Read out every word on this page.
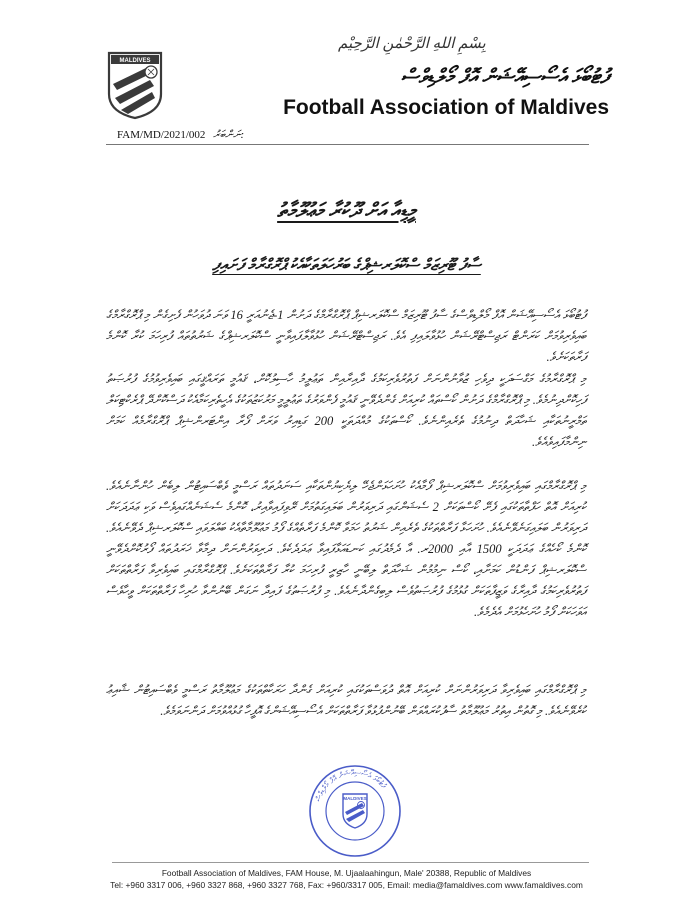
بِسْمِ اللهِ الرَّحْمٰنِ الرَّحِيْم
MALDIVES
ފުޓުބޯޅަ އެސޯސިއޭޝަން އޮފް މޯލްޑިވްސް
Football Association of Maldives
FAM/MD/2021/002 ނަންބަރު:
މީޑިއާ އަށް ދޫކުރާ މަޢުލޫމާތު
ސާފު ޓޫރިޒަމް ސްކޮލަރޝިޕްގެ ބަރުހަލަތަކާއެކު ޕްރޮގްރާމް ފަށައިފި

ފުޓުބޯޅަ އެސޯސިއޭޝަން އޮފް މޯލްޑިވްސްގެ ސާފު ޓޫރިޒަމް ސްކޮލަރޝިޕް ޕްރޮގްރާމްގެ ދަށުން 1-ޖެނުއަރީ 16 ވަނަ ދުވަހުން ފެށިގެން މި ޕްރޮގްރާމްގެ ބައިވެރިވުމަށް ކަރަންޓް ރަޖިސްޓްރޭޝަން ހުޅުވާލައިފި އެވެ. ރަޖިސްޓްރޭޝަން ހުޅުވާލާފައިވާނީ ސްކޮލަރޝިޕްގެ ޝަރުތުތައް ފުރިހަމަ ކުރާ ކޮންމެ ފަރާތަކަށެވެ.

މި ޕްރޮގްރާމުގެ މަގްސަދަކީ ދިވެހި ޒުވާނުންނަށް ފަތުރުވެރިކަމުގެ ދާއިރާއިން ތަޢުލީމު ހާސިލުކޮށް، ޤައުމީ ތަރައްޤީގައި ބައިވެރިވުމުގެ ފުރުޞަތު ފަހިކޮށްދިނުމެވެ. މި ޕްރޮގްރާމްގެ ދަށުން ކޯސްތައް ކުރިއަށް ގެންދެވޭނީ ޤައުމީ ފެންވަރުގެ ތަޢުލީމީ މަރުކަޒުތަކުގެ އެހީތެރިކަމާއެކު ދަސްކޮށްދޭ ޕްރެކްޓިކަލް ތަމްރީނުތަކާއި ޝަހާދަތް ދިނުމުގެ ތެރެއިންނެވެ. ކޯސްތަކުގެ މުއްދަތަކީ 200 ގަޑިއިރު ވަރަށް ފޯރާ އިންޓަރންޝިޕް ޕްރޮގްރާމެއް ކަމަށް ނިންމާފައިވެއެވެ.

މި ޕްރޮގްރާމްގައި ބައިވެރިވުމަށް ސްކޮލަރޝިޕް ފޯމާއެކު ހުށަހަޅަންޖެހޭ ލިޔެކިޔުންތަކާއި ސަނަދުތައް ރަސްމީ ވެބްސައިޓުން ލިބެން ހުންނާނެއެވެ. ކުރިއަށް އޮތް ހަފްތާތަކުގައި ފެށޭ ކޯސްތަކަށް 2 ސެޝަންގައި ދަރިވަރުން ބަލައިގަތުމަށް ރޭވިފައިވާއިރު، ކޮންމެ ސެޝަނެއްގައިވެސް ވަކި ޢަދަދަކަށް ދަރިވަރުން ބަލައިގަނެވޭނެއެވެ. ހުށަހަޅާ ފަރާތްތަކުގެ ތެރެއިން ޝަރުތު ހަމަވާ ކޮންމެ ފަރާތެއްގެ ފޯމު މަޢުލޫމާތާއެކު ބައްލަވައި ސްކޮލަރޝިޕް ދެވޭނެއެވެ. ކޮންމެ ކޯހެއްގެ ޢަދަދަކީ 1500 އާއި 2000ރ. އާ ދެމެދުގައި ކަނޑައަޅާފައިވާ ޢަދަދެކެވެ. ދަރިވަރުންނަށް ދިމާވާ ޚަރަދުތައް ފޯރުކޮށްދެވޭނީ ސްކޮލަރޝިޕް ފަންޑުން ކަމަށާއި، ކޯސް ނިމުމުން ޝަހާދަތް ލިބޭނީ ހާޒިރީ ފުރިހަމަ ކުރާ ފަރާތްތަކަށެވެ. ޕްރޮގްރާމްގައި ބައިވެރިވާ ފަރާތްތަކަށް ފަތުރުވެރިކަމުގެ ދާއިރާގެ ވަޒީފާތަކަށް ގުޅުމުގެ ފުރުޞަތުވެސް ލިބިގެންދާނެއެވެ. މި ފުރުޞަތުގެ ފައިދާ ނަގަން ބޭނުންވާ ހުރިހާ ފަރާތްތަކަށް ވީހާވެސް އަވަހަކަށް ފޯމު ހުށަހެޅުމަށް އެދެމެވެ.

މި ޕްރޮގްރާމްގައި ބައިވެރިވާ ދަރިވަރުންނަށް ކުރިއަށް އޮތް ދުވަސްތަކުގައި ކުރިއަށް ގެންދާ ހަރަކާތްތަކުގެ މަޢުލޫމާތު ރަސްމީ ވެބްސައިޓުން ޝާއިޢު ކުރެވޭނެއެވެ. މި ގޮތުން އިތުރު މަޢުލޫމާތު ސާފުކުރައްވަން ބޭނުންފުޅުވާ ފަރާތްތަކަށް އެސޯސިއޭޝަންގެ އޮފީހާ ގުޅުއްވުމަށް ދަންނަވަމެވެ.

ފުޓުބޯޅަ އެސޯސިއޭޝަން އޮފް މޯލްޑިވްސް
MALDIVES
Football Association of Maldives, FAM House, M. Ujaalaahingun, Male' 20388, Republic of Maldives
Tel: +960 3317 006, +960 3327 868, +960 3327 768, Fax: +960/3317 005, Email: media@famaldives.com www.famaldives.com
